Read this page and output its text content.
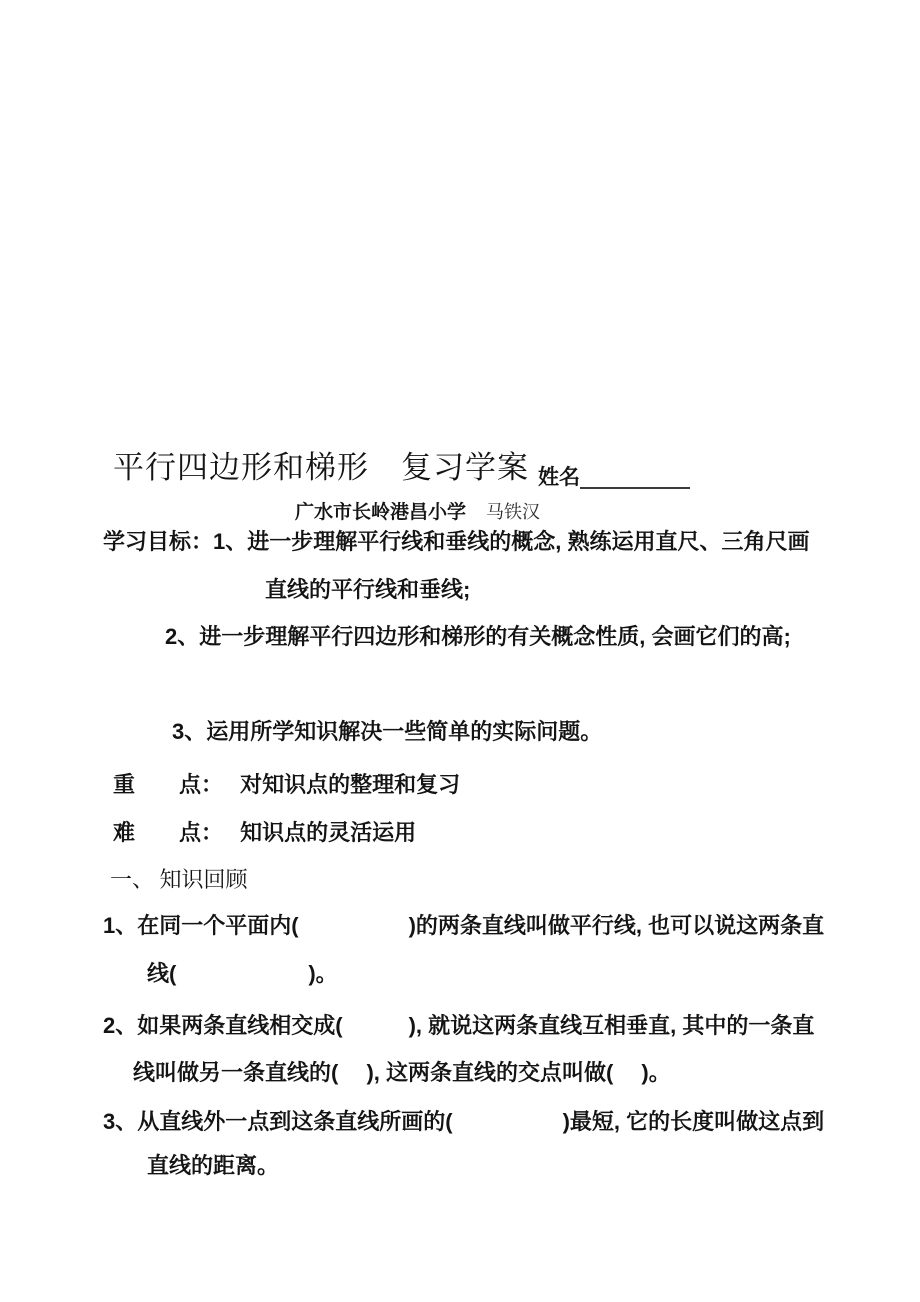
平行四边形和梯形　复习学案 姓名
广水市长岭港昌小学 马铁汉
学习目标：1、进一步理解平行线和垂线的概念, 熟练运用直尺、三角尺画
直线的平行线和垂线;
2、进一步理解平行四边形和梯形的有关概念性质, 会画它们的高;
3、运用所学知识解决一些简单的实际问题。
重　　点：　 对知识点的整理和复习
难　　点：　 知识点的灵活运用
一、 知识回顾
1、在同一个平面内(　　　　　)的两条直线叫做平行线, 也可以说这两条直
线(　　　　　　)。
2、如果两条直线相交成(　　　), 就说这两条直线互相垂直, 其中的一条直
线叫做另一条直线的(　 ), 这两条直线的交点叫做(　 )。
3、从直线外一点到这条直线所画的(　　　　　)最短, 它的长度叫做这点到
直线的距离。
